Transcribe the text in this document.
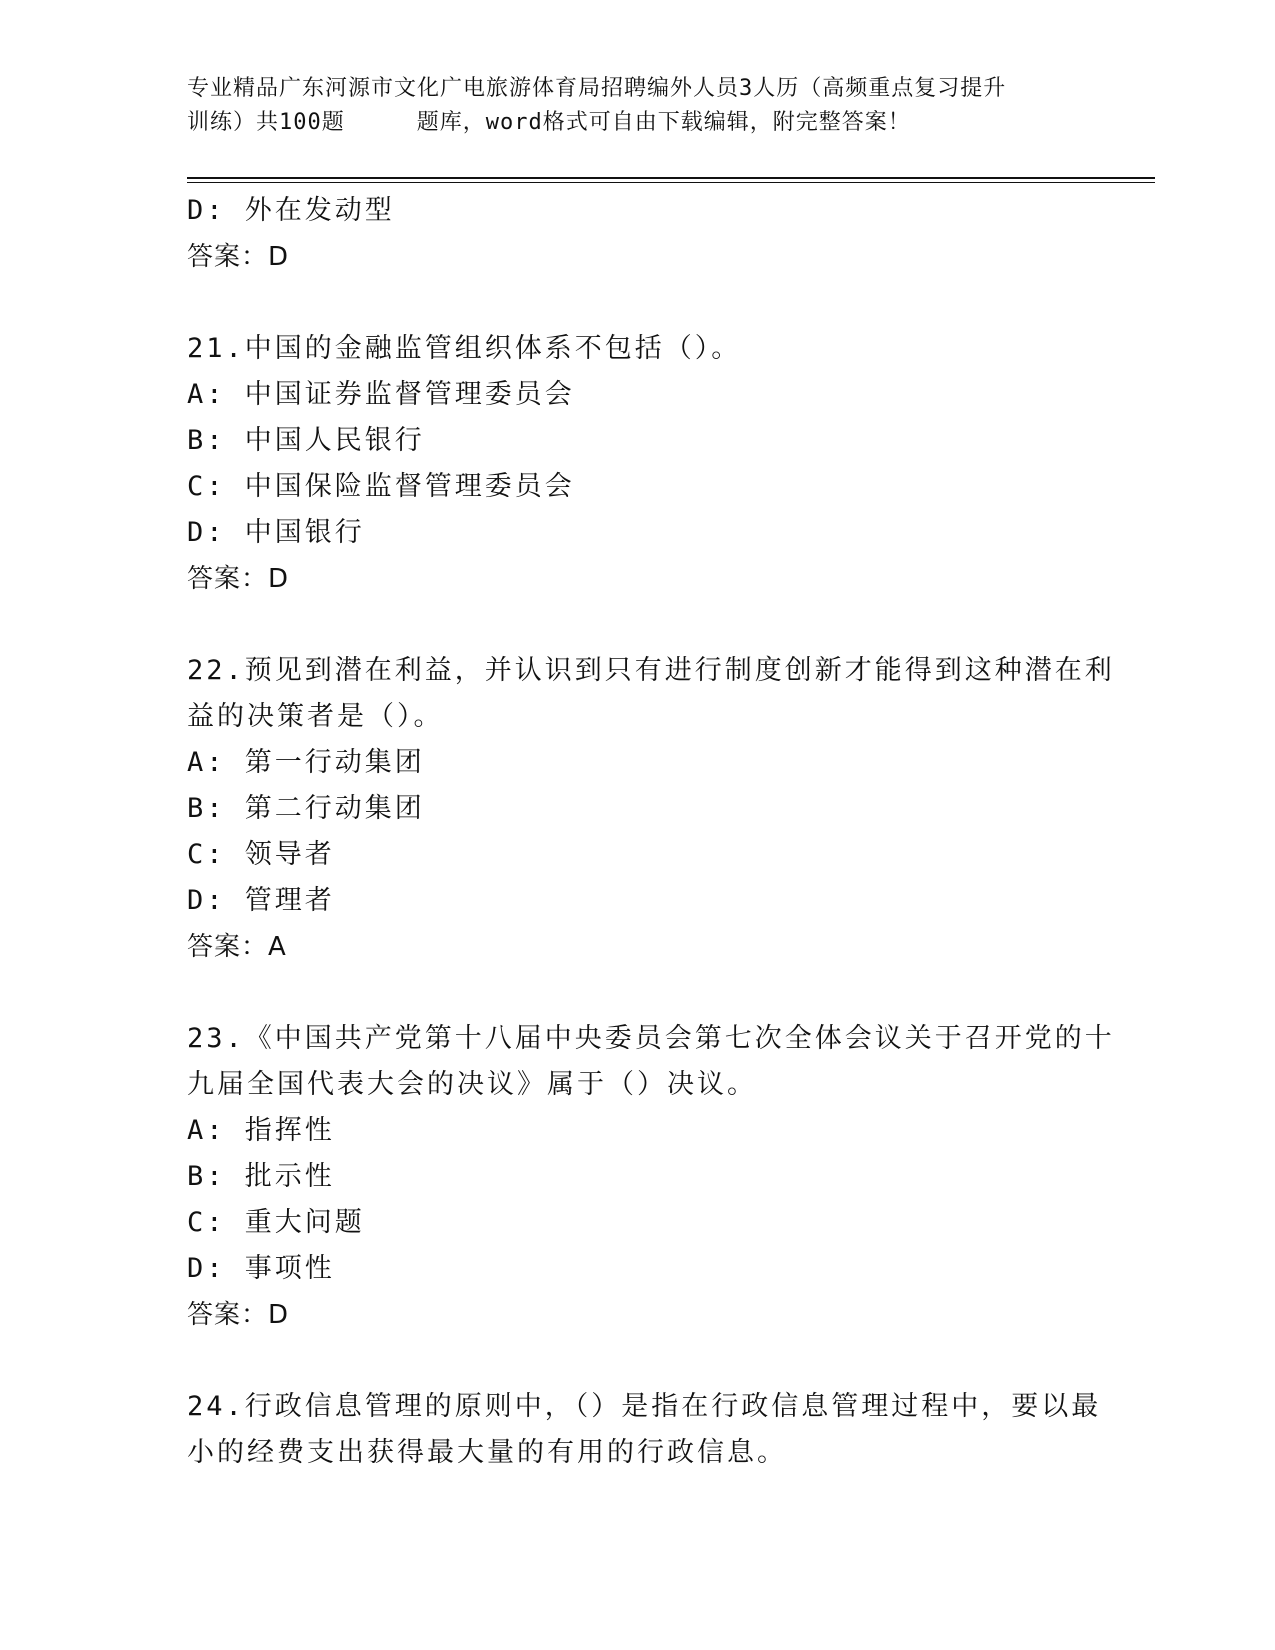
专业精品广东河源市文化广电旅游体育局招聘编外人员3人历（高频重点复习提升
训练）共100题	题库，word格式可自由下载编辑，附完整答案！
D: 外在发动型
答案：D
21.中国的金融监管组织体系不包括（）。
A: 中国证券监督管理委员会
B: 中国人民银行
C: 中国保险监督管理委员会
D: 中国银行
答案：D
22.预见到潜在利益，并认识到只有进行制度创新才能得到这种潜在利
益的决策者是（）。
A: 第一行动集团
B: 第二行动集团
C: 领导者
D: 管理者
答案：A
23.《中国共产党第十八届中央委员会第七次全体会议关于召开党的十
九届全国代表大会的决议》属于（）决议。
A: 指挥性
B: 批示性
C: 重大问题
D: 事项性
答案：D
24.行政信息管理的原则中，（）是指在行政信息管理过程中，要以最
小的经费支出获得最大量的有用的行政信息。
